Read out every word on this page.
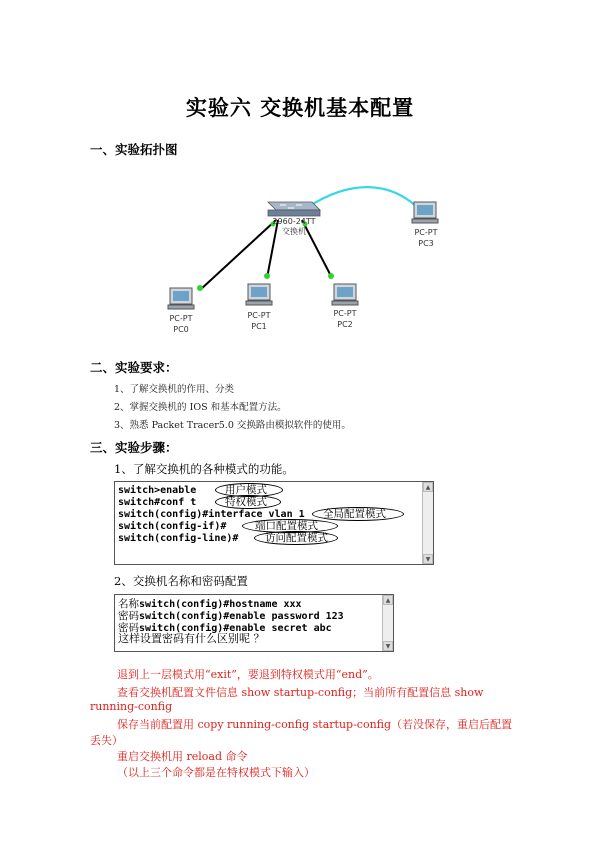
实验六 交换机基本配置
一、实验拓扑图
2960-24TT
交换机
PC-PT
PC0
PC-PT
PC1
PC-PT
PC2
PC-PT
PC3
二、实验要求：
1、了解交换机的作用、分类
2、掌握交换机的 IOS 和基本配置方法。
3、熟悉 Packet Tracer5.0 交换路由模拟软件的使用。
三、实验步骤：
1、了解交换机的各种模式的功能。
switch>enable	用户模式
switch#conf t	特权模式
switch(config)#interface vlan 1 全局配置模式
switch(config-if)#	端口配置模式
switch(config-line)#	访问配置模式
▲
▼
2、交换机名称和密码配置
名称switch(config)#hostname xxx
密码switch(config)#enable password 123
密码switch(config)#enable secret abc
这样设置密码有什么区别呢 ？
▲
▼
退到上一层模式用“exit”，要退到特权模式用“end”。
查看交换机配置文件信息 show startup-config；当前所有配置信息 show
running-config
保存当前配置用 copy running-config startup-config（若没保存，重启后配置
丢失）
重启交换机用 reload 命令
（以上三个命令都是在特权模式下输入）
